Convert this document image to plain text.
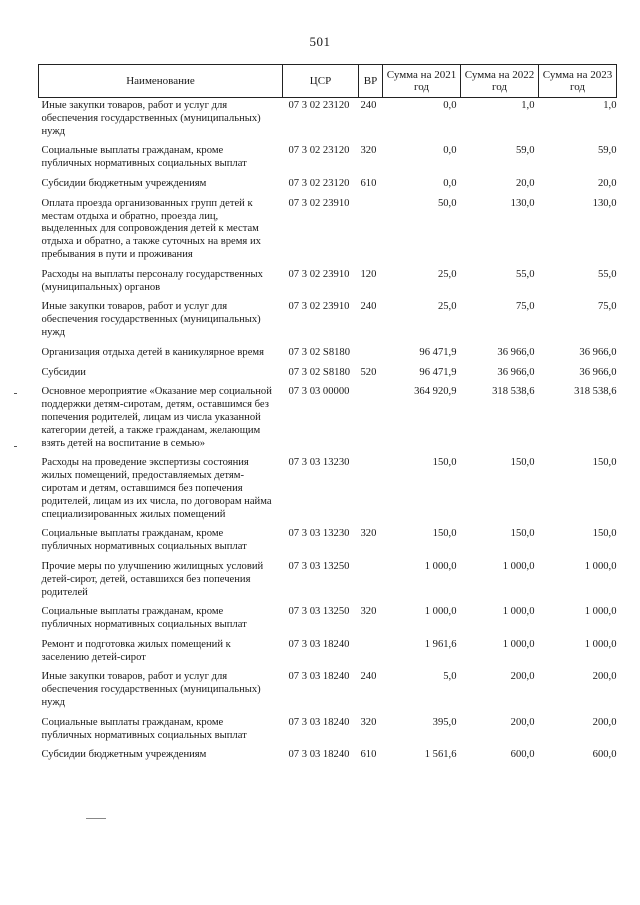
501
Наименование	ЦСР	ВР	Сумма на 2021 год	Сумма на 2022 год	Сумма на 2023 год
Иные закупки товаров, работ и услуг для обеспечения государственных (муниципальных) нужд	07 3 02 23120	240	0,0	1,0	1,0
Социальные выплаты гражданам, кроме публичных нормативных социальных выплат	07 3 02 23120	320	0,0	59,0	59,0
Субсидии бюджетным учреждениям	07 3 02 23120	610	0,0	20,0	20,0
Оплата проезда организованных групп детей к местам отдыха и обратно, проезда лиц, выделенных для сопровождения детей к местам отдыха и обратно, а также суточных на время их пребывания в пути и проживания	07 3 02 23910		50,0	130,0	130,0
Расходы на выплаты персоналу государственных (муниципальных) органов	07 3 02 23910	120	25,0	55,0	55,0
Иные закупки товаров, работ и услуг для обеспечения государственных (муниципальных) нужд	07 3 02 23910	240	25,0	75,0	75,0
Организация отдыха детей в каникулярное время	07 3 02 S8180		96 471,9	36 966,0	36 966,0
Субсидии	07 3 02 S8180	520	96 471,9	36 966,0	36 966,0
Основное мероприятие «Оказание мер социальной поддержки детям-сиротам, детям, оставшимся без попечения родителей, лицам из числа указанной категории детей, а также гражданам, желающим взять детей на воспитание в семью»	07 3 03 00000		364 920,9	318 538,6	318 538,6
Расходы на проведение экспертизы состояния жилых помещений, предоставляемых детям-сиротам и детям, оставшимся без попечения родителей, лицам из их числа, по договорам найма специализированных жилых помещений	07 3 03 13230		150,0	150,0	150,0
Социальные выплаты гражданам, кроме публичных нормативных социальных выплат	07 3 03 13230	320	150,0	150,0	150,0
Прочие меры по улучшению жилищных условий детей-сирот, детей, оставшихся без попечения родителей	07 3 03 13250		1 000,0	1 000,0	1 000,0
Социальные выплаты гражданам, кроме публичных нормативных социальных выплат	07 3 03 13250	320	1 000,0	1 000,0	1 000,0
Ремонт и подготовка жилых помещений к заселению детей-сирот	07 3 03 18240		1 961,6	1 000,0	1 000,0
Иные закупки товаров, работ и услуг для обеспечения государственных (муниципальных) нужд	07 3 03 18240	240	5,0	200,0	200,0
Социальные выплаты гражданам, кроме публичных нормативных социальных выплат	07 3 03 18240	320	395,0	200,0	200,0
Субсидии бюджетным учреждениям	07 3 03 18240	610	1 561,6	600,0	600,0
